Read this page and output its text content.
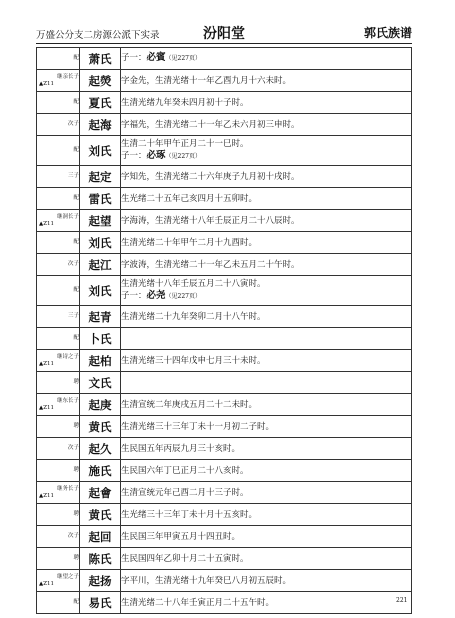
万盛公分支二房源公派下实录	汾阳堂	郭氏族谱
配	萧氏	子一：必賓（见227页）

继亲长子
▲Z11	起熒	字金先，生清光绪十一年乙酉九月十六未时。

配	夏氏	生清光绪九年癸未四月初十子时。

次子	起海	字福先，生清光绪二十一年乙未六月初三申时。

配	刘氏	生清二十年甲午正月二十一巳时。
子一：必琢（见227页）

三子	起定	字知先，生清光绪二十六年庚子九月初十戌时。

配	雷氏	生光绪二十五年己亥四月十五卯时。

继洞长子
▲Z11	起望	字海涛，生清光绪十八年壬辰正月二十八辰时。

配	刘氏	生清光绪二十年甲午二月十九酉时。

次子	起江	字波涛，生清光绪二十一年乙未五月二十午时。

配	刘氏	生清光绪十八年壬辰五月二十八寅时。
子一：必尧（见227页）

三子	起青	生清光绪二十九年癸卯二月十八午时。

配	卜氏	

继诗之子
▲Z11	起柏	生清光绪三十四年戊申七月三十未时。

聘	文氏	

继东长子
▲Z11	起庚	生清宣统二年庚戌五月二十二未时。

聘	黄氏	生清光绪三十三年丁未十一月初二子时。

次子	起久	生民国五年丙辰九月三十亥时。

聘	施氏	生民国六年丁巳正月二十八亥时。

继务长子
▲Z11	起會	生清宣统元年己酉二月十三子时。

聘	黄氏	生光绪三十三年丁未十月十五亥时。

次子	起回	生民国三年甲寅五月十四丑时。

聘	陈氏	生民国四年乙卯十月二十五寅时。

继望之子
▲Z11	起扬	字平川，生清光绪十九年癸巳八月初五辰时。

配	易氏	生清光绪二十八年壬寅正月二十五午时。	221
